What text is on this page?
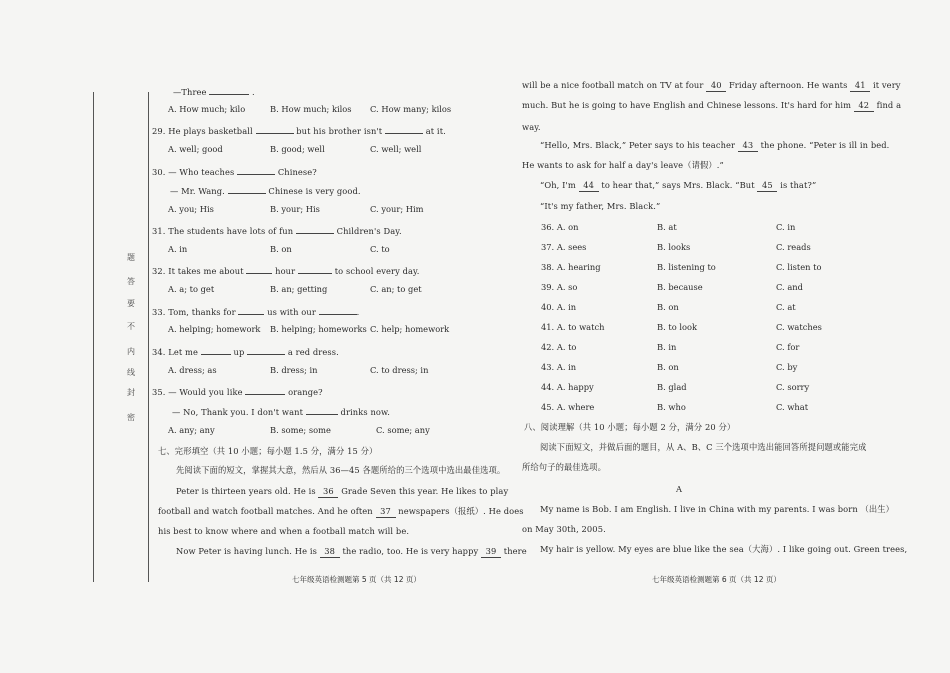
密
封
线
内
不
要
答
题
—Three	.
A. How much; kilo	B. How much; kilos C. How many; kilos
29. He plays basketball	but his brother isn't	at it.
A. well; good	B. good; well	C. well; well
30. — Who teaches	Chinese?
— Mr. Wang.	Chinese is very good.
A. you; His	B. your; His	C. your; Him
31. The students have lots of fun	Children's Day.
A. in	B. on	C. to
32. It takes me about	hour	to school every day.
A. a; to get	B. an; getting	C. an; to get
33. Tom, thanks for	us with our	.
A. helping; homework B. helping; homeworks C. help; homework
34. Let me	up	a red dress.
A. dress; as	B. dress; in	C. to dress; in
35. — Would you like	orange?
— No, Thank you. I don't want	drinks now.
A. any; any	B. some; some	C. some; any
七、完形填空（共 10 小题；每小题 1.5 分，满分 15 分）
先阅读下面的短文，掌握其大意，然后从 36—45 各题所给的三个选项中选出最佳选项。
Peter is thirteen years old. He is 36 Grade Seven this year. He likes to play
football and watch football matches. And he often 37 newspapers（报纸）. He does
his best to know where and when a football match will be.
Now Peter is having lunch. He is 38 the radio, too. He is very happy 39 there
七年级英语检测题第 5 页（共 12 页）
will be a nice football match on TV at four 40 Friday afternoon. He wants 41 it very
much. But he is going to have English and Chinese lessons. It's hard for him 42 find a
way.
“Hello, Mrs. Black,” Peter says to his teacher 43 the phone. “Peter is ill in bed.
He wants to ask for half a day's leave（请假）.”
“Oh, I'm 44 to hear that,” says Mrs. Black. “But 45 is that?”
“It's my father, Mrs. Black.”
36. A. on	B. at	C. in
37. A. sees	B. looks	C. reads
38. A. hearing	B. listening to	C. listen to
39. A. so	B. because	C. and
40. A. in	B. on	C. at
41. A. to watch	B. to look	C. watches
42. A. to	B. in	C. for
43. A. in	B. on	C. by
44. A. happy	B. glad	C. sorry
45. A. where	B. who	C. what
八、阅读理解（共 10 小题；每小题 2 分，满分 20 分）
阅读下面短文，并做后面的题目，从 A、B、C 三个选项中选出能回答所提问题或能完成
所给句子的最佳选项。
A
My name is Bob. I am English. I live in China with my parents. I was born （出生）
on May 30th, 2005.
My hair is yellow. My eyes are blue like the sea（大海）. I like going out. Green trees,
七年级英语检测题第 6 页（共 12 页）
